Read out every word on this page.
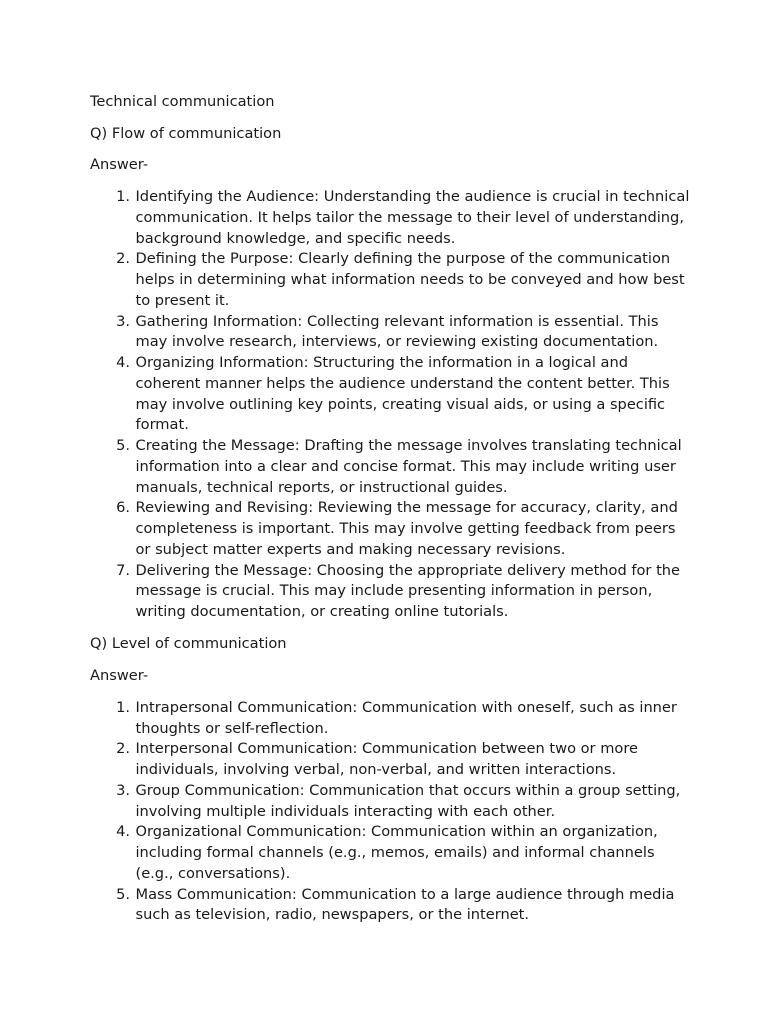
Technical communication

Q) Flow of communication

Answer-

1. Identifying the Audience: Understanding the audience is crucial in technical communication. It helps tailor the message to their level of understanding, background knowledge, and specific needs.
2. Defining the Purpose: Clearly defining the purpose of the communication helps in determining what information needs to be conveyed and how best to present it.
3. Gathering Information: Collecting relevant information is essential. This may involve research, interviews, or reviewing existing documentation.
4. Organizing Information: Structuring the information in a logical and coherent manner helps the audience understand the content better. This may involve outlining key points, creating visual aids, or using a specific format.
5. Creating the Message: Drafting the message involves translating technical information into a clear and concise format. This may include writing user manuals, technical reports, or instructional guides.
6. Reviewing and Revising: Reviewing the message for accuracy, clarity, and completeness is important. This may involve getting feedback from peers or subject matter experts and making necessary revisions.
7. Delivering the Message: Choosing the appropriate delivery method for the message is crucial. This may include presenting information in person, writing documentation, or creating online tutorials.

Q) Level of communication

Answer-

1. Intrapersonal Communication: Communication with oneself, such as inner thoughts or self-reflection.
2. Interpersonal Communication: Communication between two or more individuals, involving verbal, non-verbal, and written interactions.
3. Group Communication: Communication that occurs within a group setting, involving multiple individuals interacting with each other.
4. Organizational Communication: Communication within an organization, including formal channels (e.g., memos, emails) and informal channels (e.g., conversations).
5. Mass Communication: Communication to a large audience through media such as television, radio, newspapers, or the internet.
